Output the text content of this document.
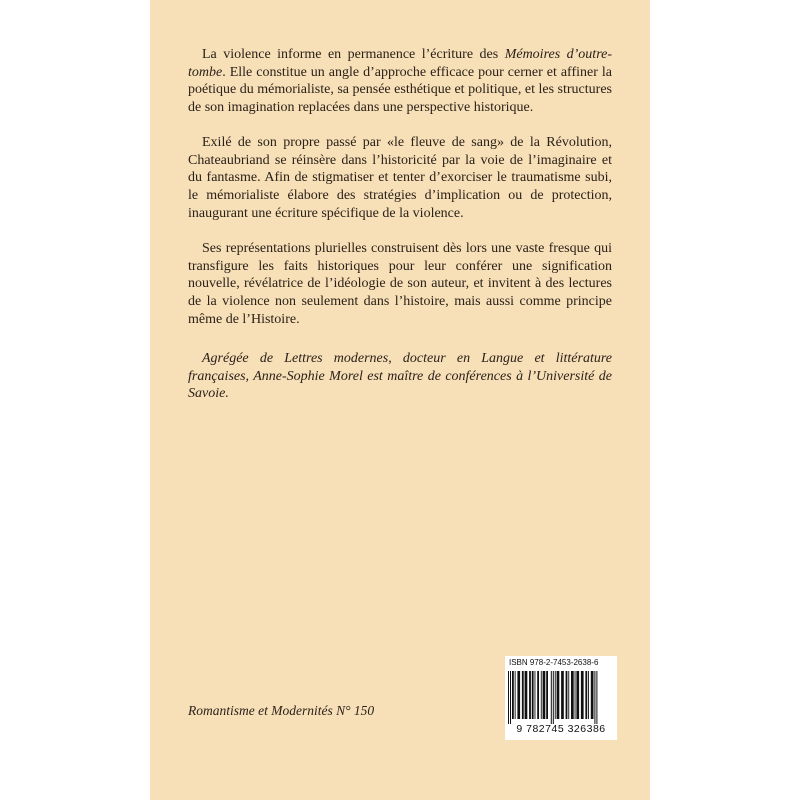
La violence informe en permanence l’écriture des Mémoires d’outre-tombe. Elle constitue un angle d’approche efficace pour cerner et affiner la poétique du mémorialiste, sa pensée esthétique et politique, et les structures de son imagination replacées dans une perspective historique.

Exilé de son propre passé par «le fleuve de sang» de la Révolution, Chateaubriand se réinsère dans l’historicité par la voie de l’imaginaire et du fantasme. Afin de stigmatiser et tenter d’exorciser le traumatisme subi, le mémorialiste élabore des stratégies d’implication ou de protection, inaugurant une écriture spécifique de la violence.

Ses représentations plurielles construisent dès lors une vaste fresque qui transfigure les faits historiques pour leur conférer une signification nouvelle, révélatrice de l’idéologie de son auteur, et invitent à des lectures de la violence non seulement dans l’histoire, mais aussi comme principe même de l’Histoire.

Agrégée de Lettres modernes, docteur en Langue et littérature françaises, Anne-Sophie Morel est maître de conférences à l’Université de Savoie.

Romantisme et Modernités N° 150
ISBN 978-2-7453-2638-6
9 782745 326386
